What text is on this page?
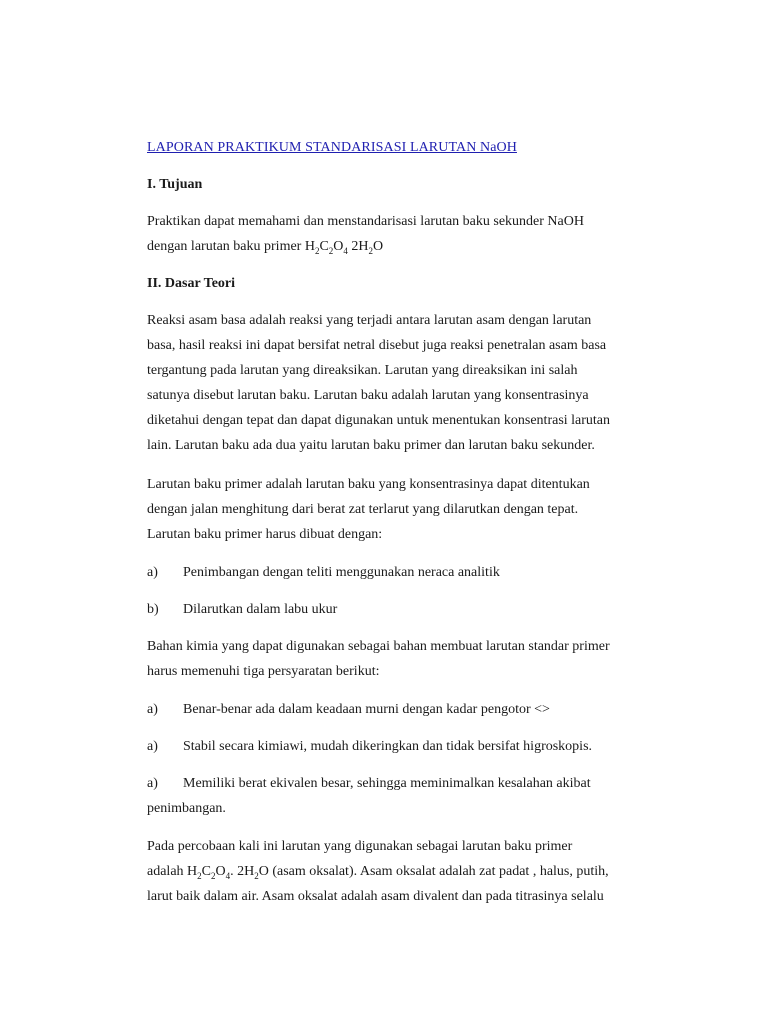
LAPORAN PRAKTIKUM STANDARISASI LARUTAN NaOH
I. Tujuan
Praktikan dapat memahami dan menstandarisasi larutan baku sekunder NaOH
dengan larutan baku primer $H_2C_2O_4$ $2H_2O$
II. Dasar Teori
Reaksi asam basa adalah reaksi yang terjadi antara larutan asam dengan larutan
basa, hasil reaksi ini dapat bersifat netral disebut juga reaksi penetralan asam basa
tergantung pada larutan yang direaksikan. Larutan yang direaksikan ini salah
satunya disebut larutan baku. Larutan baku adalah larutan yang konsentrasinya
diketahui dengan tepat dan dapat digunakan untuk menentukan konsentrasi larutan
lain. Larutan baku ada dua yaitu larutan baku primer dan larutan baku sekunder.
Larutan baku primer adalah larutan baku yang konsentrasinya dapat ditentukan
dengan jalan menghitung dari berat zat terlarut yang dilarutkan dengan tepat.
Larutan baku primer harus dibuat dengan:
a) Penimbangan dengan teliti menggunakan neraca analitik
b) Dilarutkan dalam labu ukur
Bahan kimia yang dapat digunakan sebagai bahan membuat larutan standar primer
harus memenuhi tiga persyaratan berikut:
a) Benar-benar ada dalam keadaan murni dengan kadar pengotor <>
a) Stabil secara kimiawi, mudah dikeringkan dan tidak bersifat higroskopis.
a) Memiliki berat ekivalen besar, sehingga meminimalkan kesalahan akibat
penimbangan.
Pada percobaan kali ini larutan yang digunakan sebagai larutan baku primer
adalah $H_2C_2O_4$. $2H_2O$ (asam oksalat). Asam oksalat adalah zat padat , halus, putih,
larut baik dalam air. Asam oksalat adalah asam divalent dan pada titrasinya selalu
